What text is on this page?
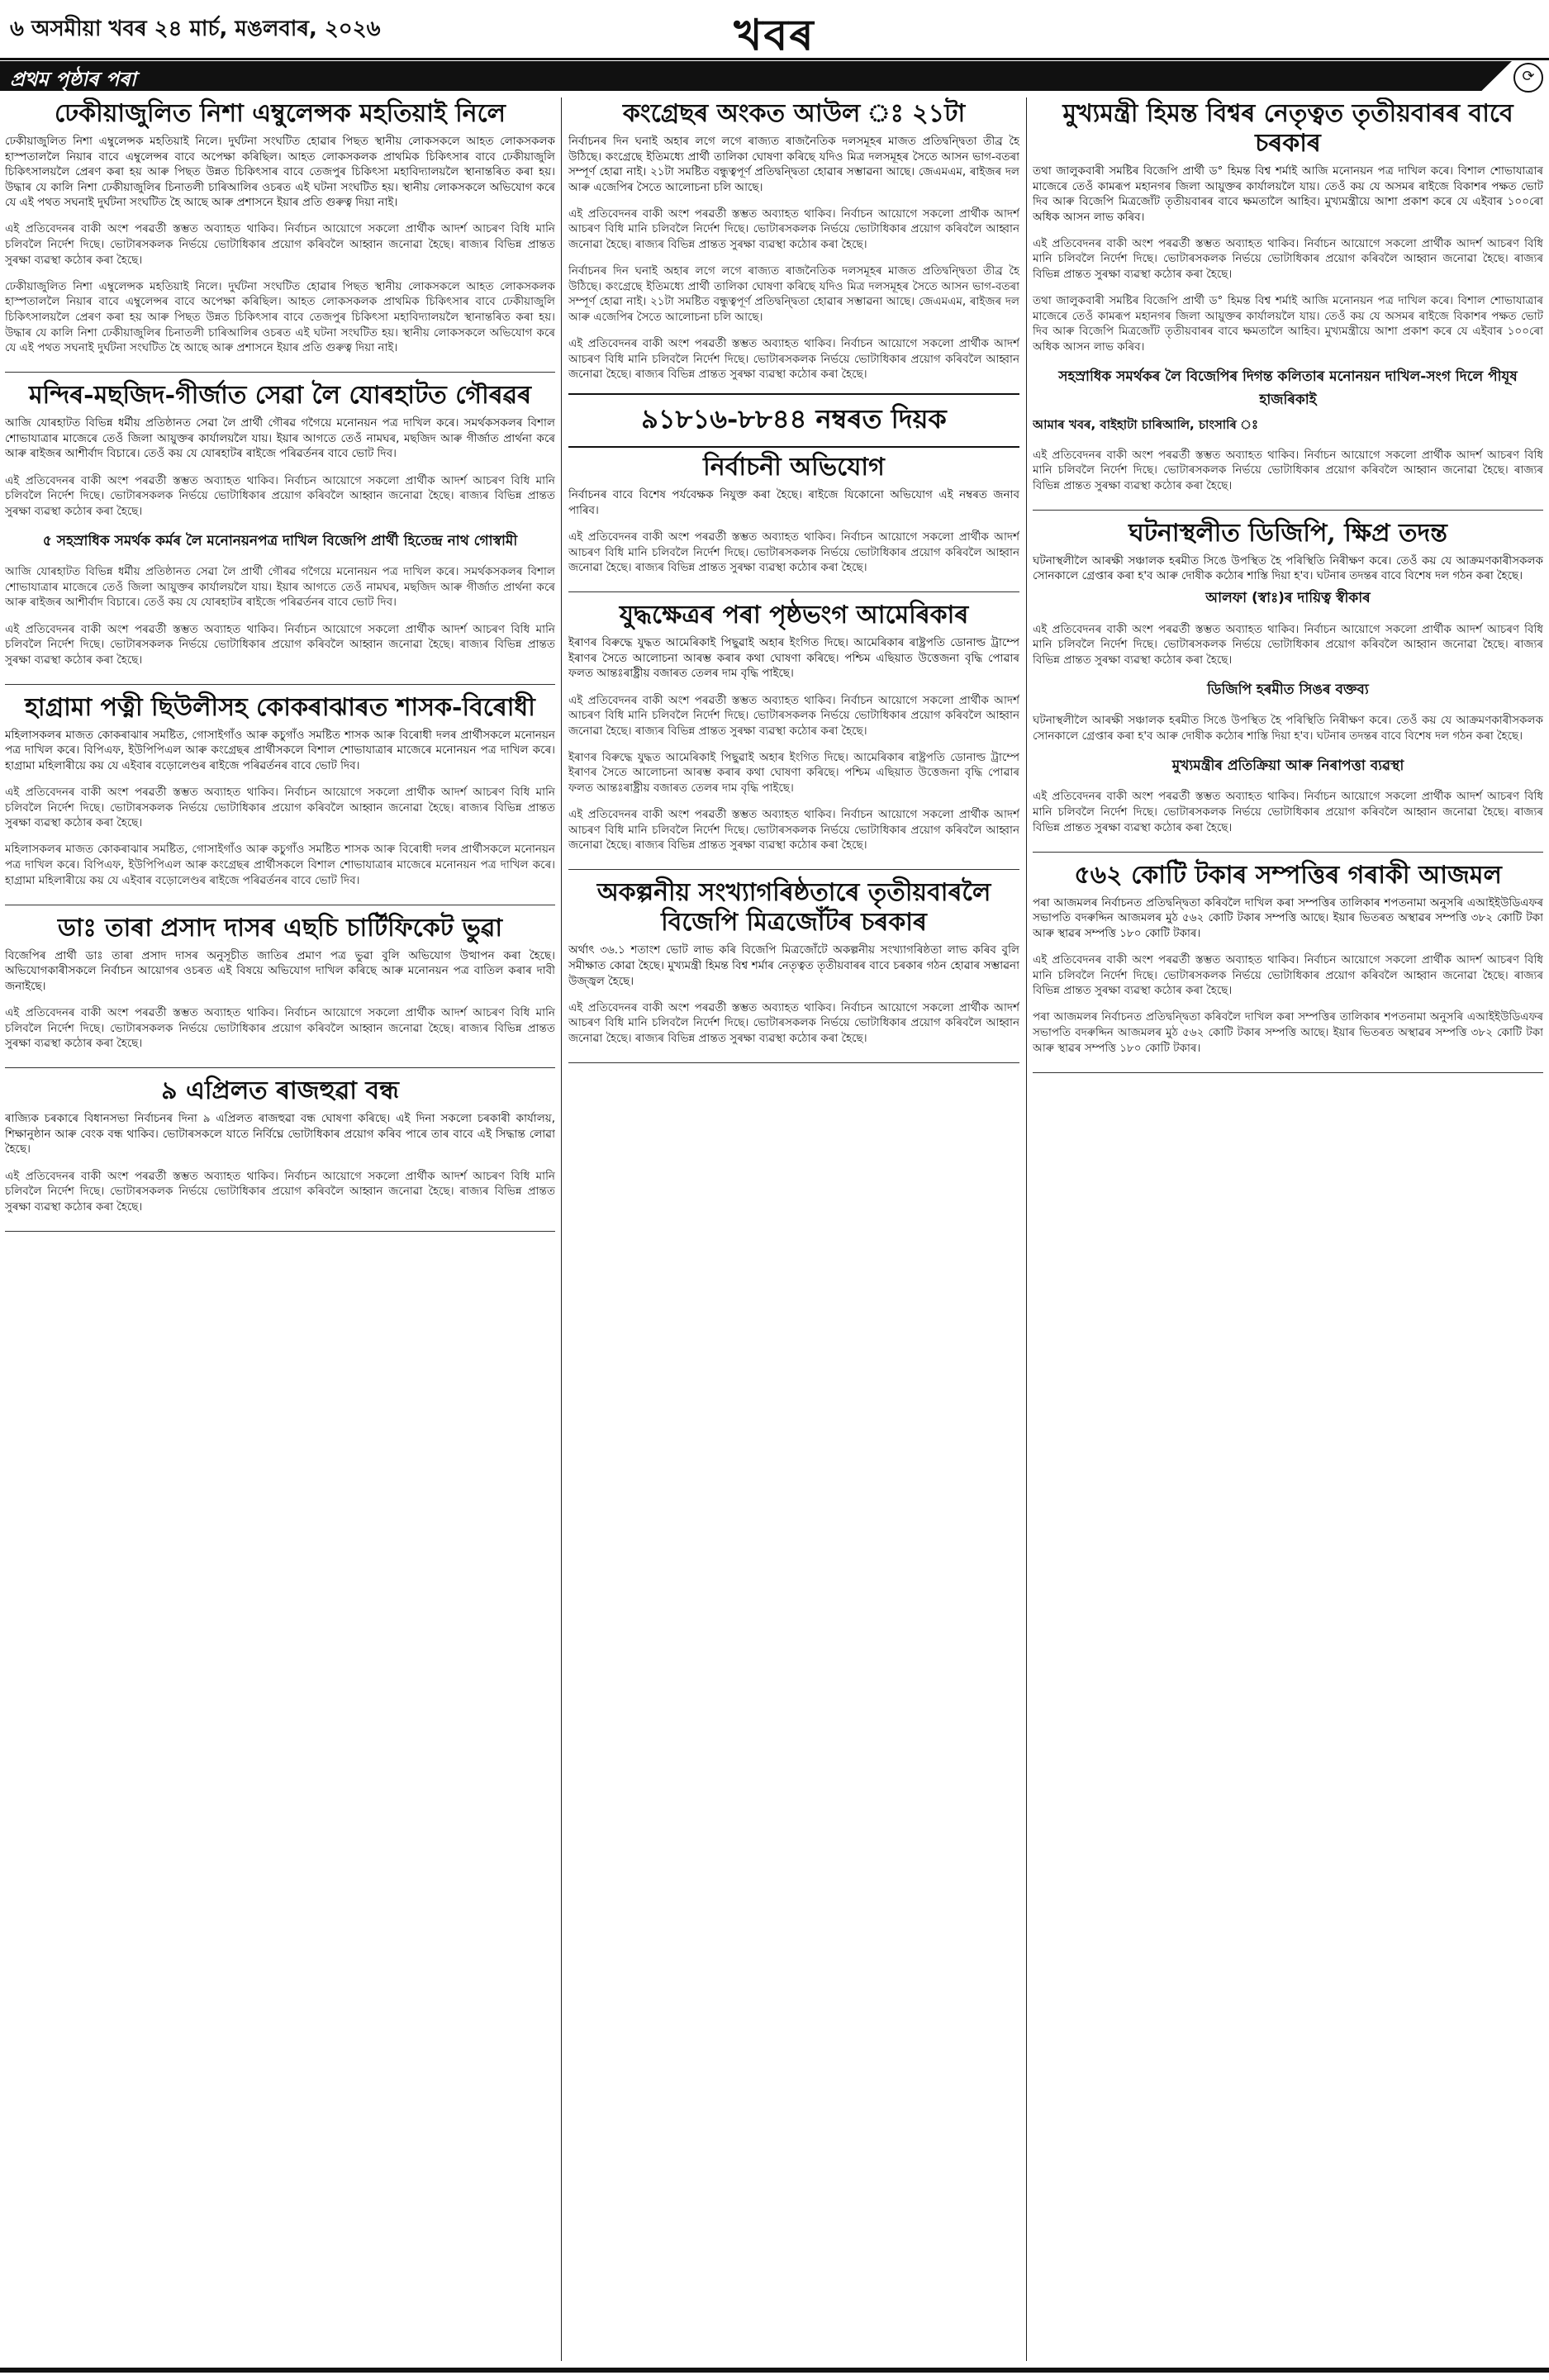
৬ অসমীয়া খবৰ ২৪ মাৰ্চ, মঙলবাৰ, ২০২৬	খবৰ
প্ৰথম পৃষ্ঠাৰ পৰা	⟳
ঢেকীয়াজুলিত নিশা এম্বুলেন্সক মহতিয়াই নিলে

ঢেকীয়াজুলিত নিশা এম্বুলেন্সক মহতিয়াই নিলে। দুৰ্ঘটনা সংঘটিত হোৱাৰ পিছত স্থানীয় লোকসকলে আহত লোকসকলক হাস্পতাললৈ নিয়াৰ বাবে এম্বুলেন্সৰ বাবে অপেক্ষা কৰিছিল। আহত লোকসকলক প্ৰাথমিক চিকিৎসাৰ বাবে ঢেকীয়াজুলি চিকিৎসালয়লৈ প্ৰেৰণ কৰা হয় আৰু পিছত উন্নত চিকিৎসাৰ বাবে তেজপুৰ চিকিৎসা মহাবিদ্যালয়লৈ স্থানান্তৰিত কৰা হয়। উদ্ধাৰ যে কালি নিশা ঢেকীয়াজুলিৰ চিনাতলী চাৰিআলিৰ ওচৰত এই ঘটনা সংঘটিত হয়। স্থানীয় লোকসকলে অভিযোগ কৰে যে এই পথত সঘনাই দুৰ্ঘটনা সংঘটিত হৈ আছে আৰু প্ৰশাসনে ইয়াৰ প্ৰতি গুৰুত্ব দিয়া নাই।

এই প্ৰতিবেদনৰ বাকী অংশ পৰৱৰ্তী স্তম্ভত অব্যাহত থাকিব। নিৰ্বাচন আয়োগে সকলো প্ৰাৰ্থীক আদৰ্শ আচৰণ বিধি মানি চলিবলৈ নিৰ্দেশ দিছে। ভোটাৰসকলক নিৰ্ভয়ে ভোটাধিকাৰ প্ৰয়োগ কৰিবলৈ আহ্বান জনোৱা হৈছে। ৰাজ্যৰ বিভিন্ন প্ৰান্তত সুৰক্ষা ব্যৱস্থা কঠোৰ কৰা হৈছে।

ঢেকীয়াজুলিত নিশা এম্বুলেন্সক মহতিয়াই নিলে। দুৰ্ঘটনা সংঘটিত হোৱাৰ পিছত স্থানীয় লোকসকলে আহত লোকসকলক হাস্পতাললৈ নিয়াৰ বাবে এম্বুলেন্সৰ বাবে অপেক্ষা কৰিছিল। আহত লোকসকলক প্ৰাথমিক চিকিৎসাৰ বাবে ঢেকীয়াজুলি চিকিৎসালয়লৈ প্ৰেৰণ কৰা হয় আৰু পিছত উন্নত চিকিৎসাৰ বাবে তেজপুৰ চিকিৎসা মহাবিদ্যালয়লৈ স্থানান্তৰিত কৰা হয়। উদ্ধাৰ যে কালি নিশা ঢেকীয়াজুলিৰ চিনাতলী চাৰিআলিৰ ওচৰত এই ঘটনা সংঘটিত হয়। স্থানীয় লোকসকলে অভিযোগ কৰে যে এই পথত সঘনাই দুৰ্ঘটনা সংঘটিত হৈ আছে আৰু প্ৰশাসনে ইয়াৰ প্ৰতি গুৰুত্ব দিয়া নাই।

মন্দিৰ-মছজিদ-গীৰ্জাত সেৱা লৈ যোৰহাটত গৌৰৱৰ

আজি যোৰহাটত বিভিন্ন ধৰ্মীয় প্ৰতিষ্ঠানত সেৱা লৈ প্ৰাৰ্থী গৌৰৱ গগৈয়ে মনোনয়ন পত্ৰ দাখিল কৰে। সমৰ্থকসকলৰ বিশাল শোভাযাত্ৰাৰ মাজেৰে তেওঁ জিলা আয়ুক্তৰ কাৰ্যালয়লৈ যায়। ইয়াৰ আগতে তেওঁ নামঘৰ, মছজিদ আৰু গীৰ্জাত প্ৰাৰ্থনা কৰে আৰু ৰাইজৰ আশীৰ্বাদ বিচাৰে। তেওঁ কয় যে যোৰহাটৰ ৰাইজে পৰিৱৰ্তনৰ বাবে ভোট দিব।

এই প্ৰতিবেদনৰ বাকী অংশ পৰৱৰ্তী স্তম্ভত অব্যাহত থাকিব। নিৰ্বাচন আয়োগে সকলো প্ৰাৰ্থীক আদৰ্শ আচৰণ বিধি মানি চলিবলৈ নিৰ্দেশ দিছে। ভোটাৰসকলক নিৰ্ভয়ে ভোটাধিকাৰ প্ৰয়োগ কৰিবলৈ আহ্বান জনোৱা হৈছে। ৰাজ্যৰ বিভিন্ন প্ৰান্তত সুৰক্ষা ব্যৱস্থা কঠোৰ কৰা হৈছে।

৫ সহস্ৰাধিক সমৰ্থক কৰ্মৰ লৈ মনোনয়নপত্ৰ দাখিল বিজেপি প্ৰাৰ্থী হিতেন্দ্ৰ নাথ গোস্বামী

আজি যোৰহাটত বিভিন্ন ধৰ্মীয় প্ৰতিষ্ঠানত সেৱা লৈ প্ৰাৰ্থী গৌৰৱ গগৈয়ে মনোনয়ন পত্ৰ দাখিল কৰে। সমৰ্থকসকলৰ বিশাল শোভাযাত্ৰাৰ মাজেৰে তেওঁ জিলা আয়ুক্তৰ কাৰ্যালয়লৈ যায়। ইয়াৰ আগতে তেওঁ নামঘৰ, মছজিদ আৰু গীৰ্জাত প্ৰাৰ্থনা কৰে আৰু ৰাইজৰ আশীৰ্বাদ বিচাৰে। তেওঁ কয় যে যোৰহাটৰ ৰাইজে পৰিৱৰ্তনৰ বাবে ভোট দিব।

এই প্ৰতিবেদনৰ বাকী অংশ পৰৱৰ্তী স্তম্ভত অব্যাহত থাকিব। নিৰ্বাচন আয়োগে সকলো প্ৰাৰ্থীক আদৰ্শ আচৰণ বিধি মানি চলিবলৈ নিৰ্দেশ দিছে। ভোটাৰসকলক নিৰ্ভয়ে ভোটাধিকাৰ প্ৰয়োগ কৰিবলৈ আহ্বান জনোৱা হৈছে। ৰাজ্যৰ বিভিন্ন প্ৰান্তত সুৰক্ষা ব্যৱস্থা কঠোৰ কৰা হৈছে।

হাগ্ৰামা পত্নী ছিউলীসহ কোকৰাঝাৰত শাসক-বিৰোধী

মহিলাসকলৰ মাজত কোকৰাঝাৰ সমষ্টিত, গোসাইগাঁও আৰু কচুগাঁও সমষ্টিত শাসক আৰু বিৰোধী দলৰ প্ৰাৰ্থীসকলে মনোনয়ন পত্ৰ দাখিল কৰে। বিপিএফ, ইউপিপিএল আৰু কংগ্ৰেছৰ প্ৰাৰ্থীসকলে বিশাল শোভাযাত্ৰাৰ মাজেৰে মনোনয়ন পত্ৰ দাখিল কৰে। হাগ্ৰামা মহিলাৰীয়ে কয় যে এইবাৰ বড়োলেণ্ডৰ ৰাইজে পৰিৱৰ্তনৰ বাবে ভোট দিব।

এই প্ৰতিবেদনৰ বাকী অংশ পৰৱৰ্তী স্তম্ভত অব্যাহত থাকিব। নিৰ্বাচন আয়োগে সকলো প্ৰাৰ্থীক আদৰ্শ আচৰণ বিধি মানি চলিবলৈ নিৰ্দেশ দিছে। ভোটাৰসকলক নিৰ্ভয়ে ভোটাধিকাৰ প্ৰয়োগ কৰিবলৈ আহ্বান জনোৱা হৈছে। ৰাজ্যৰ বিভিন্ন প্ৰান্তত সুৰক্ষা ব্যৱস্থা কঠোৰ কৰা হৈছে।

মহিলাসকলৰ মাজত কোকৰাঝাৰ সমষ্টিত, গোসাইগাঁও আৰু কচুগাঁও সমষ্টিত শাসক আৰু বিৰোধী দলৰ প্ৰাৰ্থীসকলে মনোনয়ন পত্ৰ দাখিল কৰে। বিপিএফ, ইউপিপিএল আৰু কংগ্ৰেছৰ প্ৰাৰ্থীসকলে বিশাল শোভাযাত্ৰাৰ মাজেৰে মনোনয়ন পত্ৰ দাখিল কৰে। হাগ্ৰামা মহিলাৰীয়ে কয় যে এইবাৰ বড়োলেণ্ডৰ ৰাইজে পৰিৱৰ্তনৰ বাবে ভোট দিব।

ডাঃ তাৰা প্ৰসাদ দাসৰ এছচি চাৰ্টিফিকেট ভুৱা

বিজেপিৰ প্ৰাৰ্থী ডাঃ তাৰা প্ৰসাদ দাসৰ অনুসূচীত জাতিৰ প্ৰমাণ পত্ৰ ভুৱা বুলি অভিযোগ উত্থাপন কৰা হৈছে। অভিযোগকাৰীসকলে নিৰ্বাচন আয়োগৰ ওচৰত এই বিষয়ে অভিযোগ দাখিল কৰিছে আৰু মনোনয়ন পত্ৰ বাতিল কৰাৰ দাবী জনাইছে।

এই প্ৰতিবেদনৰ বাকী অংশ পৰৱৰ্তী স্তম্ভত অব্যাহত থাকিব। নিৰ্বাচন আয়োগে সকলো প্ৰাৰ্থীক আদৰ্শ আচৰণ বিধি মানি চলিবলৈ নিৰ্দেশ দিছে। ভোটাৰসকলক নিৰ্ভয়ে ভোটাধিকাৰ প্ৰয়োগ কৰিবলৈ আহ্বান জনোৱা হৈছে। ৰাজ্যৰ বিভিন্ন প্ৰান্তত সুৰক্ষা ব্যৱস্থা কঠোৰ কৰা হৈছে।

৯ এপ্ৰিলত ৰাজহুৱা বন্ধ

ৰাজ্যিক চৰকাৰে বিধানসভা নিৰ্বাচনৰ দিনা ৯ এপ্ৰিলত ৰাজহুৱা বন্ধ ঘোষণা কৰিছে। এই দিনা সকলো চৰকাৰী কাৰ্যালয়, শিক্ষানুষ্ঠান আৰু বেংক বন্ধ থাকিব। ভোটাৰসকলে যাতে নিৰ্বিঘ্নে ভোটাধিকাৰ প্ৰয়োগ কৰিব পাৰে তাৰ বাবে এই সিদ্ধান্ত লোৱা হৈছে।

এই প্ৰতিবেদনৰ বাকী অংশ পৰৱৰ্তী স্তম্ভত অব্যাহত থাকিব। নিৰ্বাচন আয়োগে সকলো প্ৰাৰ্থীক আদৰ্শ আচৰণ বিধি মানি চলিবলৈ নিৰ্দেশ দিছে। ভোটাৰসকলক নিৰ্ভয়ে ভোটাধিকাৰ প্ৰয়োগ কৰিবলৈ আহ্বান জনোৱা হৈছে। ৰাজ্যৰ বিভিন্ন প্ৰান্তত সুৰক্ষা ব্যৱস্থা কঠোৰ কৰা হৈছে।

কংগ্ৰেছৰ অংকত আউল ঃ ২১টা

নিৰ্বাচনৰ দিন ঘনাই অহাৰ লগে লগে ৰাজ্যত ৰাজনৈতিক দলসমূহৰ মাজত প্ৰতিদ্বন্দ্বিতা তীব্ৰ হৈ উঠিছে। কংগ্ৰেছে ইতিমধ্যে প্ৰাৰ্থী তালিকা ঘোষণা কৰিছে যদিও মিত্ৰ দলসমূহৰ সৈতে আসন ভাগ-বতৰা সম্পূৰ্ণ হোৱা নাই। ২১টা সমষ্টিত বন্ধুত্বপূৰ্ণ প্ৰতিদ্বন্দ্বিতা হোৱাৰ সম্ভাৱনা আছে। জেএমএম, ৰাইজৰ দল আৰু এজেপিৰ সৈতে আলোচনা চলি আছে।

এই প্ৰতিবেদনৰ বাকী অংশ পৰৱৰ্তী স্তম্ভত অব্যাহত থাকিব। নিৰ্বাচন আয়োগে সকলো প্ৰাৰ্থীক আদৰ্শ আচৰণ বিধি মানি চলিবলৈ নিৰ্দেশ দিছে। ভোটাৰসকলক নিৰ্ভয়ে ভোটাধিকাৰ প্ৰয়োগ কৰিবলৈ আহ্বান জনোৱা হৈছে। ৰাজ্যৰ বিভিন্ন প্ৰান্তত সুৰক্ষা ব্যৱস্থা কঠোৰ কৰা হৈছে।

নিৰ্বাচনৰ দিন ঘনাই অহাৰ লগে লগে ৰাজ্যত ৰাজনৈতিক দলসমূহৰ মাজত প্ৰতিদ্বন্দ্বিতা তীব্ৰ হৈ উঠিছে। কংগ্ৰেছে ইতিমধ্যে প্ৰাৰ্থী তালিকা ঘোষণা কৰিছে যদিও মিত্ৰ দলসমূহৰ সৈতে আসন ভাগ-বতৰা সম্পূৰ্ণ হোৱা নাই। ২১টা সমষ্টিত বন্ধুত্বপূৰ্ণ প্ৰতিদ্বন্দ্বিতা হোৱাৰ সম্ভাৱনা আছে। জেএমএম, ৰাইজৰ দল আৰু এজেপিৰ সৈতে আলোচনা চলি আছে।

এই প্ৰতিবেদনৰ বাকী অংশ পৰৱৰ্তী স্তম্ভত অব্যাহত থাকিব। নিৰ্বাচন আয়োগে সকলো প্ৰাৰ্থীক আদৰ্শ আচৰণ বিধি মানি চলিবলৈ নিৰ্দেশ দিছে। ভোটাৰসকলক নিৰ্ভয়ে ভোটাধিকাৰ প্ৰয়োগ কৰিবলৈ আহ্বান জনোৱা হৈছে। ৰাজ্যৰ বিভিন্ন প্ৰান্তত সুৰক্ষা ব্যৱস্থা কঠোৰ কৰা হৈছে।

৯১৮১৬-৮৮৪৪ নম্বৰত দিয়ক
নিৰ্বাচনী অভিযোগ

নিৰ্বাচনৰ বাবে বিশেষ পৰ্যবেক্ষক নিযুক্ত কৰা হৈছে। ৰাইজে যিকোনো অভিযোগ এই নম্বৰত জনাব পাৰিব।

এই প্ৰতিবেদনৰ বাকী অংশ পৰৱৰ্তী স্তম্ভত অব্যাহত থাকিব। নিৰ্বাচন আয়োগে সকলো প্ৰাৰ্থীক আদৰ্শ আচৰণ বিধি মানি চলিবলৈ নিৰ্দেশ দিছে। ভোটাৰসকলক নিৰ্ভয়ে ভোটাধিকাৰ প্ৰয়োগ কৰিবলৈ আহ্বান জনোৱা হৈছে। ৰাজ্যৰ বিভিন্ন প্ৰান্তত সুৰক্ষা ব্যৱস্থা কঠোৰ কৰা হৈছে।

যুদ্ধক্ষেত্ৰৰ পৰা পৃষ্ঠভংগ আমেৰিকাৰ

ইৰাণৰ বিৰুদ্ধে যুদ্ধত আমেৰিকাই পিছুৱাই অহাৰ ইংগিত দিছে। আমেৰিকাৰ ৰাষ্ট্ৰপতি ডোনাল্ড ট্ৰাম্পে ইৰাণৰ সৈতে আলোচনা আৰম্ভ কৰাৰ কথা ঘোষণা কৰিছে। পশ্চিম এছিয়াত উত্তেজনা বৃদ্ধি পোৱাৰ ফলত আন্তঃৰাষ্ট্ৰীয় বজাৰত তেলৰ দাম বৃদ্ধি পাইছে।

এই প্ৰতিবেদনৰ বাকী অংশ পৰৱৰ্তী স্তম্ভত অব্যাহত থাকিব। নিৰ্বাচন আয়োগে সকলো প্ৰাৰ্থীক আদৰ্শ আচৰণ বিধি মানি চলিবলৈ নিৰ্দেশ দিছে। ভোটাৰসকলক নিৰ্ভয়ে ভোটাধিকাৰ প্ৰয়োগ কৰিবলৈ আহ্বান জনোৱা হৈছে। ৰাজ্যৰ বিভিন্ন প্ৰান্তত সুৰক্ষা ব্যৱস্থা কঠোৰ কৰা হৈছে।

ইৰাণৰ বিৰুদ্ধে যুদ্ধত আমেৰিকাই পিছুৱাই অহাৰ ইংগিত দিছে। আমেৰিকাৰ ৰাষ্ট্ৰপতি ডোনাল্ড ট্ৰাম্পে ইৰাণৰ সৈতে আলোচনা আৰম্ভ কৰাৰ কথা ঘোষণা কৰিছে। পশ্চিম এছিয়াত উত্তেজনা বৃদ্ধি পোৱাৰ ফলত আন্তঃৰাষ্ট্ৰীয় বজাৰত তেলৰ দাম বৃদ্ধি পাইছে।

এই প্ৰতিবেদনৰ বাকী অংশ পৰৱৰ্তী স্তম্ভত অব্যাহত থাকিব। নিৰ্বাচন আয়োগে সকলো প্ৰাৰ্থীক আদৰ্শ আচৰণ বিধি মানি চলিবলৈ নিৰ্দেশ দিছে। ভোটাৰসকলক নিৰ্ভয়ে ভোটাধিকাৰ প্ৰয়োগ কৰিবলৈ আহ্বান জনোৱা হৈছে। ৰাজ্যৰ বিভিন্ন প্ৰান্তত সুৰক্ষা ব্যৱস্থা কঠোৰ কৰা হৈছে।

অকল্পনীয় সংখ্যাগৰিষ্ঠতাৰে তৃতীয়বাৰলৈ বিজেপি মিত্ৰজোঁটৰ চৰকাৰ

অৰ্থাৎ ৩৬.১ শতাংশ ভোট লাভ কৰি বিজেপি মিত্ৰজোঁটে অকল্পনীয় সংখ্যাগৰিষ্ঠতা লাভ কৰিব বুলি সমীক্ষাত কোৱা হৈছে। মুখ্যমন্ত্ৰী হিমন্ত বিশ্ব শৰ্মাৰ নেতৃত্বত তৃতীয়বাৰৰ বাবে চৰকাৰ গঠন হোৱাৰ সম্ভাৱনা উজ্জ্বল হৈছে।

এই প্ৰতিবেদনৰ বাকী অংশ পৰৱৰ্তী স্তম্ভত অব্যাহত থাকিব। নিৰ্বাচন আয়োগে সকলো প্ৰাৰ্থীক আদৰ্শ আচৰণ বিধি মানি চলিবলৈ নিৰ্দেশ দিছে। ভোটাৰসকলক নিৰ্ভয়ে ভোটাধিকাৰ প্ৰয়োগ কৰিবলৈ আহ্বান জনোৱা হৈছে। ৰাজ্যৰ বিভিন্ন প্ৰান্তত সুৰক্ষা ব্যৱস্থা কঠোৰ কৰা হৈছে।

মুখ্যমন্ত্ৰী হিমন্ত বিশ্বৰ নেতৃত্বত তৃতীয়বাৰৰ বাবে চৰকাৰ

তথা জালুকবাৰী সমষ্টিৰ বিজেপি প্ৰাৰ্থী ড° হিমন্ত বিশ্ব শৰ্মাই আজি মনোনয়ন পত্ৰ দাখিল কৰে। বিশাল শোভাযাত্ৰাৰ মাজেৰে তেওঁ কামৰূপ মহানগৰ জিলা আয়ুক্তৰ কাৰ্যালয়লৈ যায়। তেওঁ কয় যে অসমৰ ৰাইজে বিকাশৰ পক্ষত ভোট দিব আৰু বিজেপি মিত্ৰজোঁট তৃতীয়বাৰৰ বাবে ক্ষমতালৈ আহিব। মুখ্যমন্ত্ৰীয়ে আশা প্ৰকাশ কৰে যে এইবাৰ ১০০ৰো অধিক আসন লাভ কৰিব।

এই প্ৰতিবেদনৰ বাকী অংশ পৰৱৰ্তী স্তম্ভত অব্যাহত থাকিব। নিৰ্বাচন আয়োগে সকলো প্ৰাৰ্থীক আদৰ্শ আচৰণ বিধি মানি চলিবলৈ নিৰ্দেশ দিছে। ভোটাৰসকলক নিৰ্ভয়ে ভোটাধিকাৰ প্ৰয়োগ কৰিবলৈ আহ্বান জনোৱা হৈছে। ৰাজ্যৰ বিভিন্ন প্ৰান্তত সুৰক্ষা ব্যৱস্থা কঠোৰ কৰা হৈছে।

তথা জালুকবাৰী সমষ্টিৰ বিজেপি প্ৰাৰ্থী ড° হিমন্ত বিশ্ব শৰ্মাই আজি মনোনয়ন পত্ৰ দাখিল কৰে। বিশাল শোভাযাত্ৰাৰ মাজেৰে তেওঁ কামৰূপ মহানগৰ জিলা আয়ুক্তৰ কাৰ্যালয়লৈ যায়। তেওঁ কয় যে অসমৰ ৰাইজে বিকাশৰ পক্ষত ভোট দিব আৰু বিজেপি মিত্ৰজোঁট তৃতীয়বাৰৰ বাবে ক্ষমতালৈ আহিব। মুখ্যমন্ত্ৰীয়ে আশা প্ৰকাশ কৰে যে এইবাৰ ১০০ৰো অধিক আসন লাভ কৰিব।

সহস্ৰাধিক সমৰ্থকৰ লৈ বিজেপিৰ দিগন্ত কলিতাৰ মনোনয়ন দাখিল-সংগ দিলে পীযূষ হাজৰিকাই
আমাৰ খবৰ, বাইহাটা চাৰিআলি, চাংসাৰি ঃ

এই প্ৰতিবেদনৰ বাকী অংশ পৰৱৰ্তী স্তম্ভত অব্যাহত থাকিব। নিৰ্বাচন আয়োগে সকলো প্ৰাৰ্থীক আদৰ্শ আচৰণ বিধি মানি চলিবলৈ নিৰ্দেশ দিছে। ভোটাৰসকলক নিৰ্ভয়ে ভোটাধিকাৰ প্ৰয়োগ কৰিবলৈ আহ্বান জনোৱা হৈছে। ৰাজ্যৰ বিভিন্ন প্ৰান্তত সুৰক্ষা ব্যৱস্থা কঠোৰ কৰা হৈছে।

ঘটনাস্থলীত ডিজিপি, ক্ষিপ্ৰ তদন্ত

ঘটনাস্থলীলৈ আৰক্ষী সঞ্চালক হৰমীত সিঙে উপস্থিত হৈ পৰিস্থিতি নিৰীক্ষণ কৰে। তেওঁ কয় যে আক্ৰমণকাৰীসকলক সোনকালে গ্ৰেপ্তাৰ কৰা হ'ব আৰু দোষীক কঠোৰ শাস্তি দিয়া হ'ব। ঘটনাৰ তদন্তৰ বাবে বিশেষ দল গঠন কৰা হৈছে।

আলফা (স্বাঃ)ৰ দায়িত্ব স্বীকাৰ

এই প্ৰতিবেদনৰ বাকী অংশ পৰৱৰ্তী স্তম্ভত অব্যাহত থাকিব। নিৰ্বাচন আয়োগে সকলো প্ৰাৰ্থীক আদৰ্শ আচৰণ বিধি মানি চলিবলৈ নিৰ্দেশ দিছে। ভোটাৰসকলক নিৰ্ভয়ে ভোটাধিকাৰ প্ৰয়োগ কৰিবলৈ আহ্বান জনোৱা হৈছে। ৰাজ্যৰ বিভিন্ন প্ৰান্তত সুৰক্ষা ব্যৱস্থা কঠোৰ কৰা হৈছে।

ডিজিপি হৰমীত সিঙৰ বক্তব্য

ঘটনাস্থলীলৈ আৰক্ষী সঞ্চালক হৰমীত সিঙে উপস্থিত হৈ পৰিস্থিতি নিৰীক্ষণ কৰে। তেওঁ কয় যে আক্ৰমণকাৰীসকলক সোনকালে গ্ৰেপ্তাৰ কৰা হ'ব আৰু দোষীক কঠোৰ শাস্তি দিয়া হ'ব। ঘটনাৰ তদন্তৰ বাবে বিশেষ দল গঠন কৰা হৈছে।

মুখ্যমন্ত্ৰীৰ প্ৰতিক্ৰিয়া আৰু নিৰাপত্তা ব্যৱস্থা

এই প্ৰতিবেদনৰ বাকী অংশ পৰৱৰ্তী স্তম্ভত অব্যাহত থাকিব। নিৰ্বাচন আয়োগে সকলো প্ৰাৰ্থীক আদৰ্শ আচৰণ বিধি মানি চলিবলৈ নিৰ্দেশ দিছে। ভোটাৰসকলক নিৰ্ভয়ে ভোটাধিকাৰ প্ৰয়োগ কৰিবলৈ আহ্বান জনোৱা হৈছে। ৰাজ্যৰ বিভিন্ন প্ৰান্তত সুৰক্ষা ব্যৱস্থা কঠোৰ কৰা হৈছে।

৫৬২ কোটি টকাৰ সম্পত্তিৰ গৰাকী আজমল

পৰা আজমলৰ নিৰ্বাচনত প্ৰতিদ্বন্দ্বিতা কৰিবলৈ দাখিল কৰা সম্পত্তিৰ তালিকাৰ শপতনামা অনুসৰি এআইইউডিএফৰ সভাপতি বদৰুদ্দিন আজমলৰ মুঠ ৫৬২ কোটি টকাৰ সম্পত্তি আছে। ইয়াৰ ভিতৰত অস্থাৱৰ সম্পত্তি ৩৮২ কোটি টকা আৰু স্থাৱৰ সম্পত্তি ১৮০ কোটি টকাৰ।

এই প্ৰতিবেদনৰ বাকী অংশ পৰৱৰ্তী স্তম্ভত অব্যাহত থাকিব। নিৰ্বাচন আয়োগে সকলো প্ৰাৰ্থীক আদৰ্শ আচৰণ বিধি মানি চলিবলৈ নিৰ্দেশ দিছে। ভোটাৰসকলক নিৰ্ভয়ে ভোটাধিকাৰ প্ৰয়োগ কৰিবলৈ আহ্বান জনোৱা হৈছে। ৰাজ্যৰ বিভিন্ন প্ৰান্তত সুৰক্ষা ব্যৱস্থা কঠোৰ কৰা হৈছে।

পৰা আজমলৰ নিৰ্বাচনত প্ৰতিদ্বন্দ্বিতা কৰিবলৈ দাখিল কৰা সম্পত্তিৰ তালিকাৰ শপতনামা অনুসৰি এআইইউডিএফৰ সভাপতি বদৰুদ্দিন আজমলৰ মুঠ ৫৬২ কোটি টকাৰ সম্পত্তি আছে। ইয়াৰ ভিতৰত অস্থাৱৰ সম্পত্তি ৩৮২ কোটি টকা আৰু স্থাৱৰ সম্পত্তি ১৮০ কোটি টকাৰ।
